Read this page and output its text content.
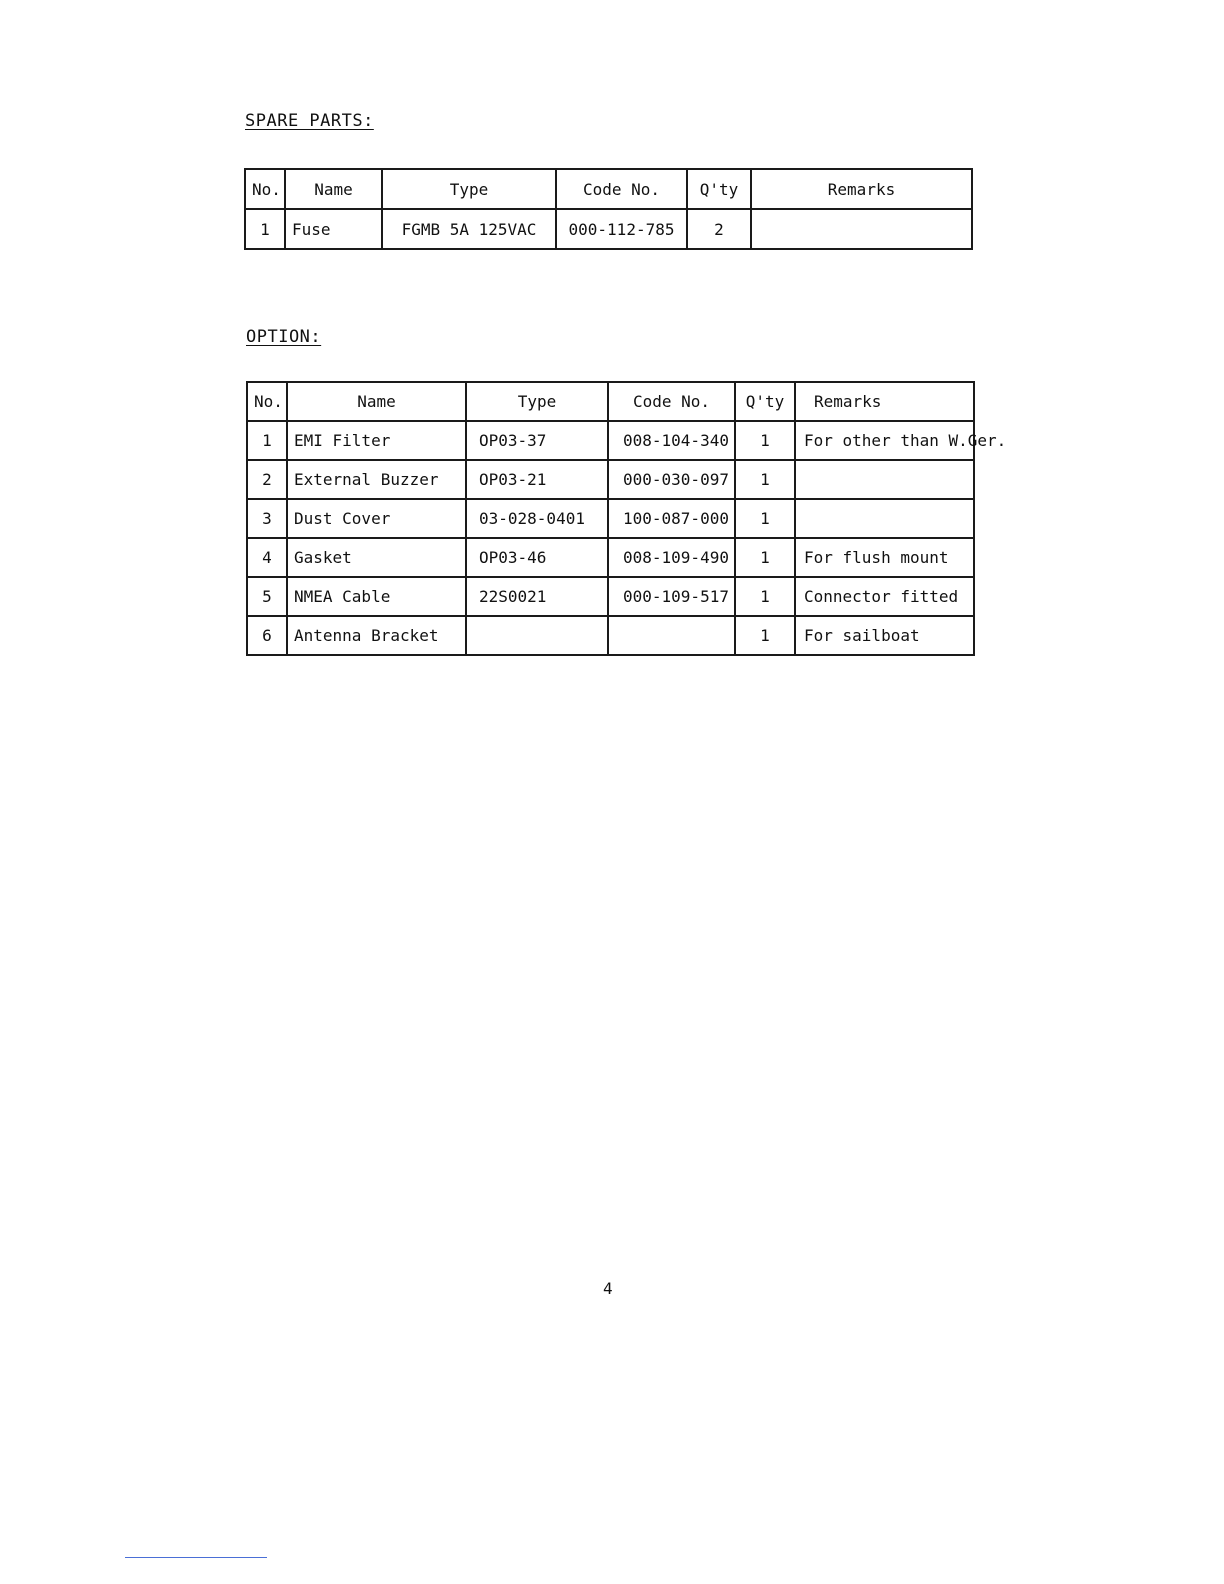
SPARE PARTS:
No.	Name	Type	Code No.	Q'ty	Remarks
1	Fuse	FGMB 5A 125VAC	000-112-785	2	
OPTION:
No.	Name	Type	Code No.	Q'ty	Remarks
1	EMI Filter	OP03-37	008-104-340	1	For other than W.Ger.
2	External Buzzer	OP03-21	000-030-097	1	
3	Dust Cover	03-028-0401	100-087-000	1	
4	Gasket	OP03-46	008-109-490	1	For flush mount
5	NMEA Cable	22S0021	000-109-517	1	Connector fitted
6	Antenna Bracket			1	For sailboat
4
